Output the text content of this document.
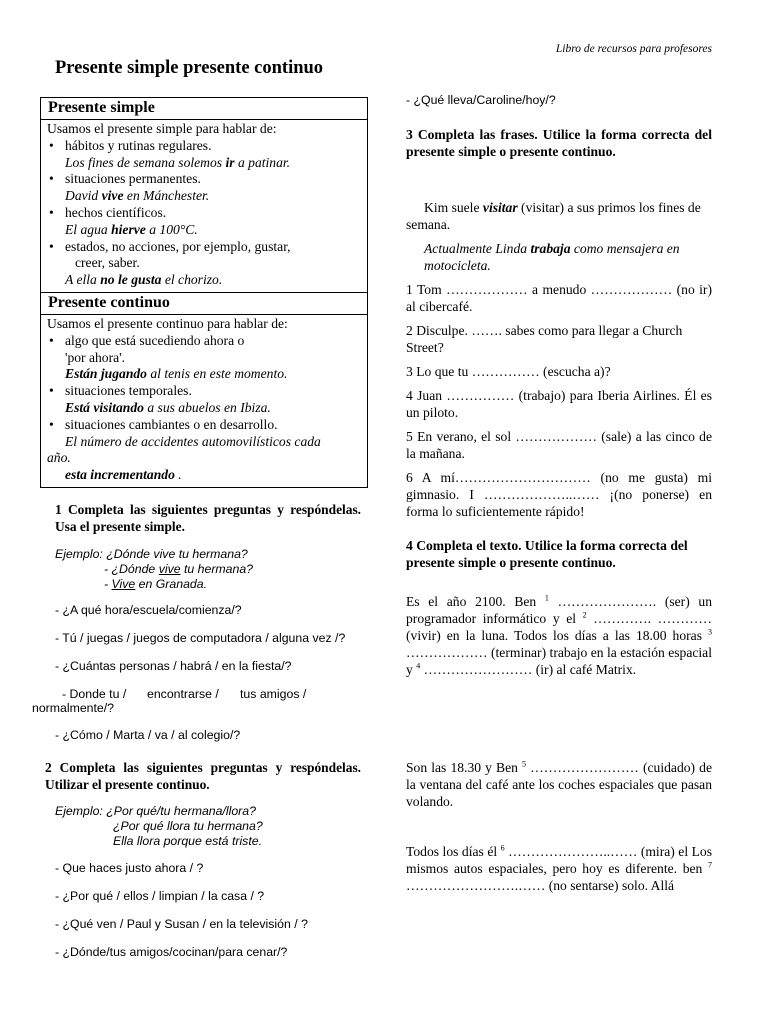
Libro de recursos para profesores
Presente simple presente continuo
Presente simple
Usamos el presente simple para hablar de:
• hábitos y rutinas regulares.
Los fines de semana solemos ir a patinar.
• situaciones permanentes.
David vive en Mánchester.
• hechos científicos.
El agua hierve a 100°C.
• estados, no acciones, por ejemplo, gustar,
creer, saber.
A ella no le gusta el chorizo.
Presente continuo
Usamos el presente continuo para hablar de:
• algo que está sucediendo ahora o
'por ahora'.
Están jugando al tenis en este momento.
• situaciones temporales.
Está visitando a sus abuelos en Ibiza.
• situaciones cambiantes o en desarrollo.
El número de accidentes automovilísticos cada
año.
esta incrementando .
1 Completa las siguientes preguntas y respóndelas. Usa el presente simple.
Ejemplo: ¿Dónde vive tu hermana?
- ¿Dónde vive tu hermana?
- Vive en Granada.
- ¿A qué hora/escuela/comienza/?
- Tú / juegas / juegos de computadora / alguna vez /?
- ¿Cuántas personas / habrá / en la fiesta/?
- Donde tu / encontrarse / tus amigos /
normalmente/?
- ¿Cómo / Marta / va / al colegio/?
2 Completa las siguientes preguntas y respóndelas. Utilizar el presente continuo.
Ejemplo: ¿Por qué/tu hermana/llora?
¿Por qué llora tu hermana?
Ella llora porque está triste.
- Que haces justo ahora / ?
- ¿Por qué / ellos / limpian / la casa / ?
- ¿Qué ven / Paul y Susan / en la televisión / ?
- ¿Dónde/tus amigos/cocinan/para cenar/?
- ¿Qué lleva/Caroline/hoy/?
3 Completa las frases. Utilice la forma correcta del presente simple o presente continuo.
Kim suele visitar (visitar) a sus primos los fines de semana.
Actualmente Linda trabaja como mensajera en motocicleta.
1 Tom ……………… a menudo ……………… (no ir) al cibercafé.
2 Disculpe. ……. sabes como para llegar a Church Street?
3 Lo que tu …………… (escucha a)?
4 Juan …………… (trabajo) para Iberia Airlines. Él es un piloto.
5 En verano, el sol ……………… (sale) a las cinco de la mañana.
6 A mí………………………… (no me gusta) mi gimnasio. I ………………..…… ¡(no ponerse) en forma lo suficientemente rápido!
4 Completa el texto. Utilice la forma correcta del presente simple o presente continuo.
Es el año 2100. Ben $^1$ …………………. (ser) un programador informático y el $^2$ …………. ………… (vivir) en la luna. Todos los días a las 18.00 horas $^3$ ……………… (terminar) trabajo en la estación espacial y $^4$ …………………… (ir) al café Matrix.
Son las 18.30 y Ben $^5$ …………………… (cuidado) de la ventana del café ante los coches espaciales que pasan volando.
Todos los días él $^6$ …………………..…… (mira) el Los mismos autos espaciales, pero hoy es diferente. ben $^7$ …………………….…… (no sentarse) solo. Allá
